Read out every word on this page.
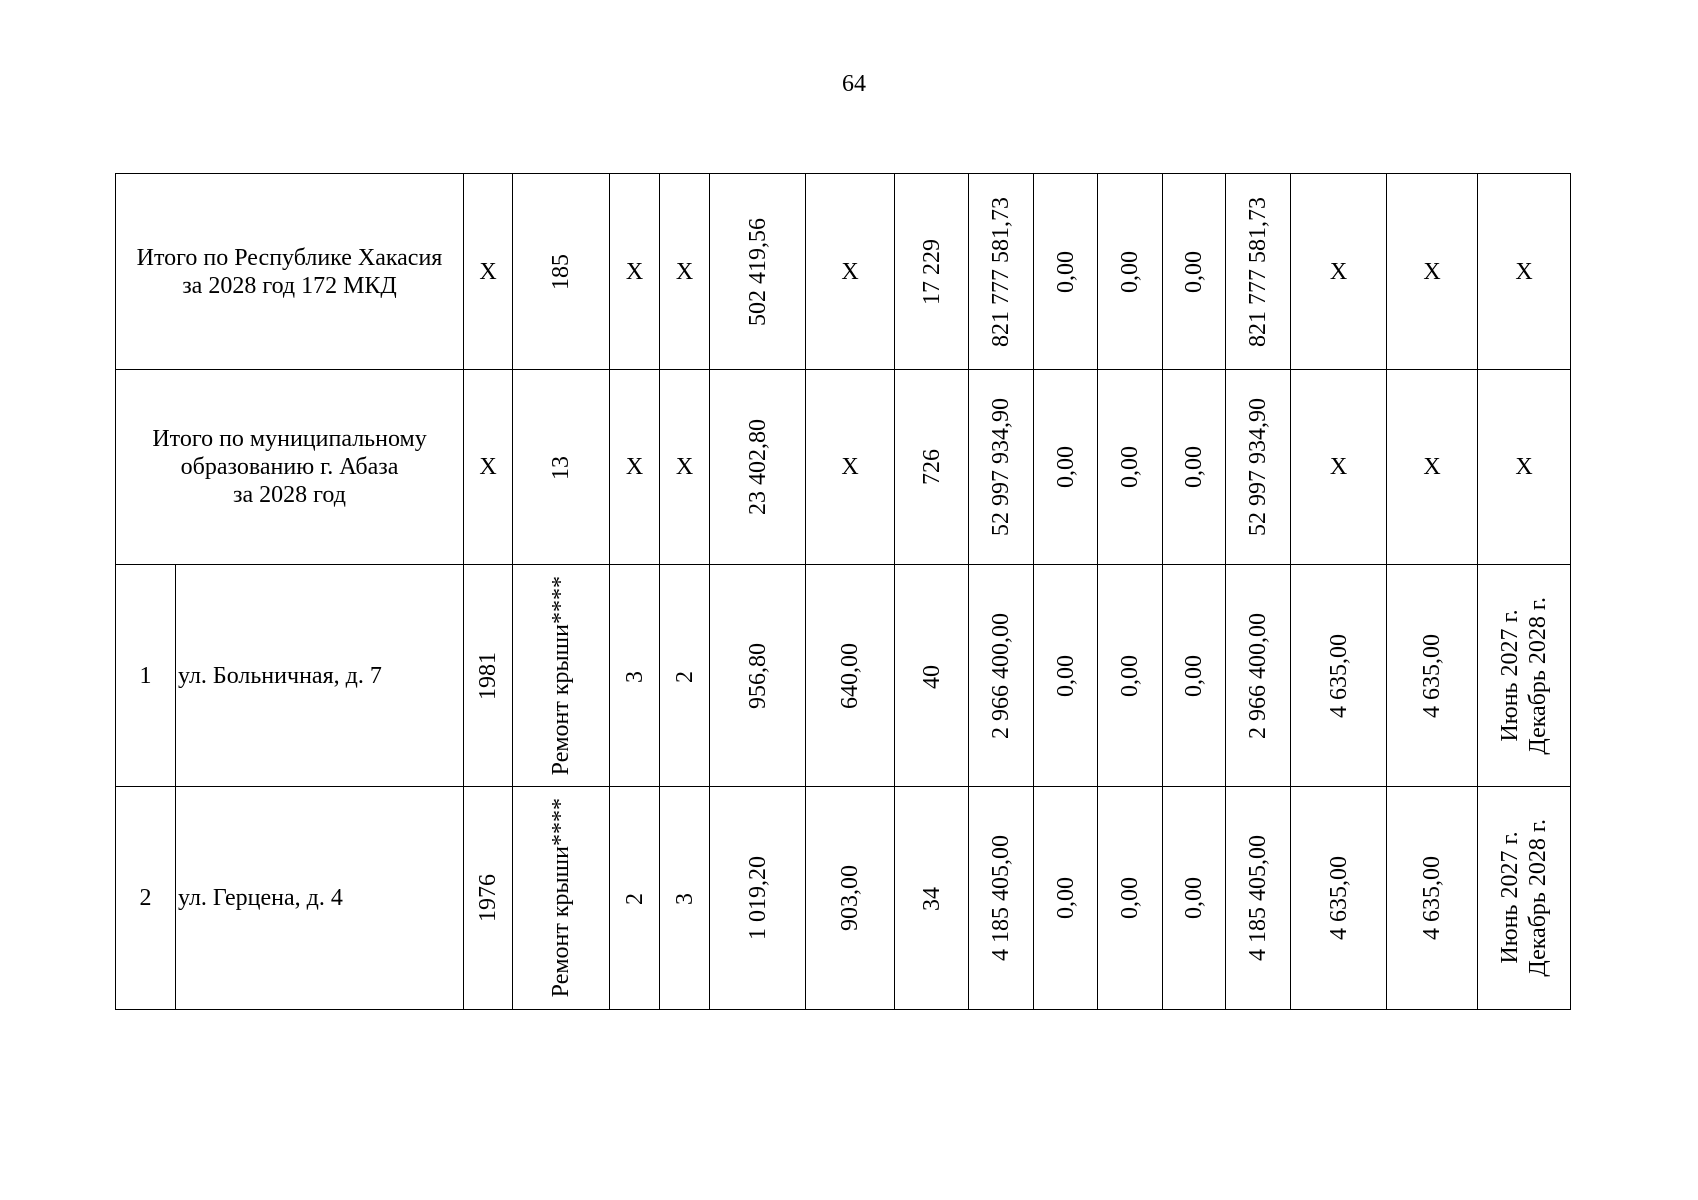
64
Итого по Республике Хакасия
за 2028 год 172 МКД		X	185	X	X	502 419,56	X	17 229	821 777 581,73	0,00	0,00	0,00	821 777 581,73	X	X	X

Итого по муниципальному
образованию г. Абаза
за 2028 год		X	13	X	X	23 402,80	X	726	52 997 934,90	0,00	0,00	0,00	52 997 934,90	X	X	X
1	ул. Больничная, д. 7	1981	Ремонт крыши****	3	2	956,80	640,00	40	2 966 400,00	0,00	0,00	0,00	2 966 400,00	4 635,00	4 635,00	Июнь 2027 г. Декабрь 2028 г.

2	ул. Герцена, д. 4	1976	Ремонт крыши****	2	3	1 019,20	903,00	34	4 185 405,00	0,00	0,00	0,00	4 185 405,00	4 635,00	4 635,00	Июнь 2027 г. Декабрь 2028 г.
